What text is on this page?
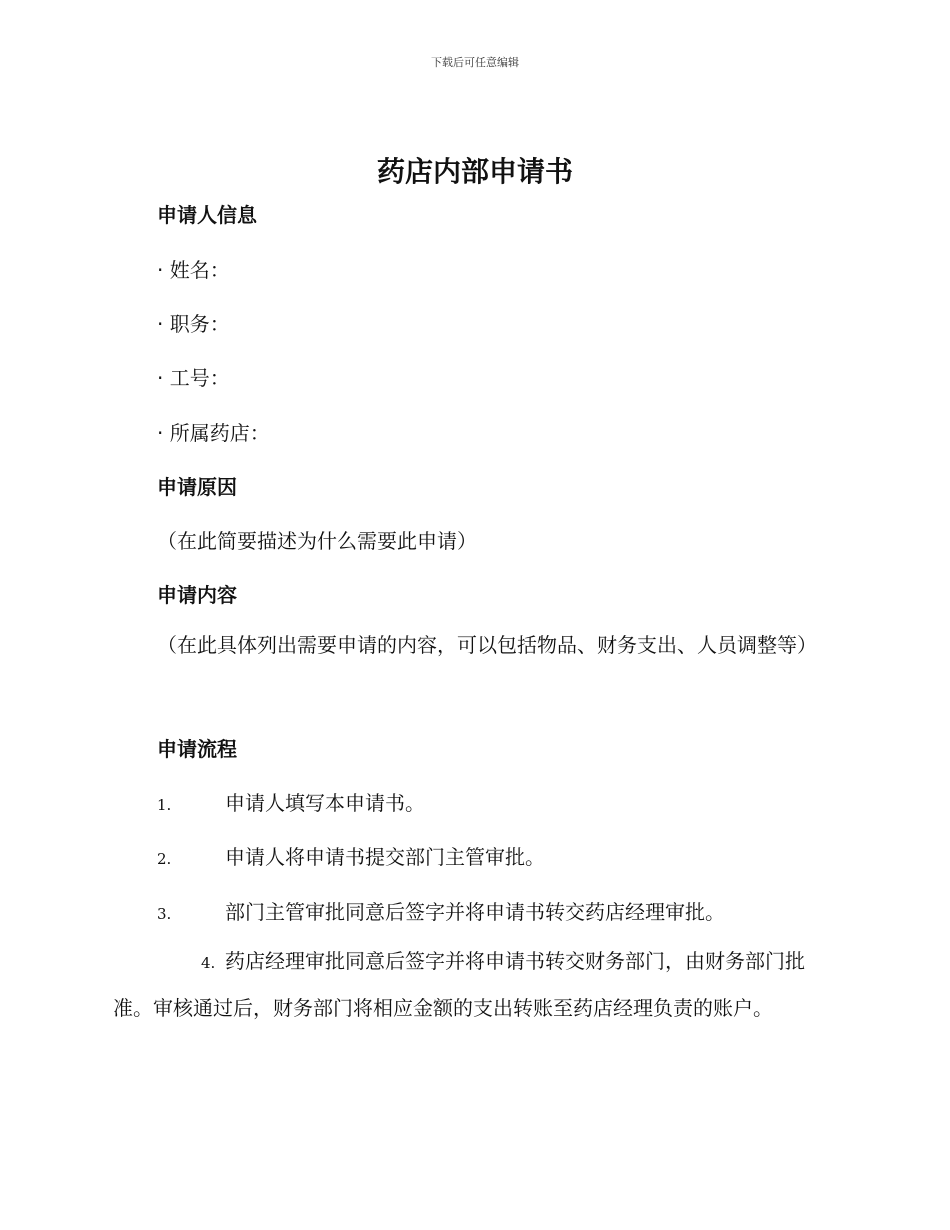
下载后可任意编辑
药店内部申请书
申请人信息

· 姓名：

· 职务：

· 工号：

· 所属药店：

申请原因

（在此简要描述为什么需要此申请）

申请内容

（在此具体列出需要申请的内容，可以包括物品、财务支出、人员调整等）

申请流程

1.	申请人填写本申请书。

2.	申请人将申请书提交部门主管审批。

3.	部门主管审批同意后签字并将申请书转交药店经理审批。

4. 药店经理审批同意后签字并将申请书转交财务部门，由财务部门批准。审核通过后，财务部门将相应金额的支出转账至药店经理负责的账户。
